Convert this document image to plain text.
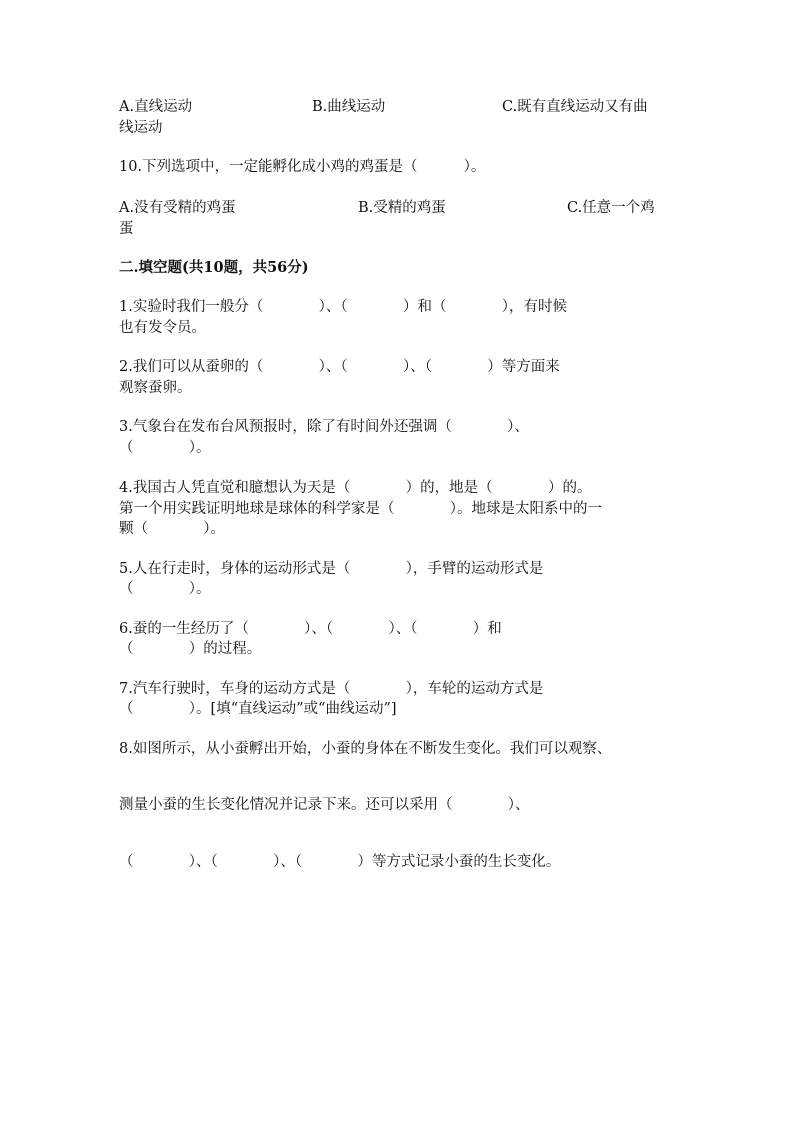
A.直线运动	B.曲线运动	C.既有直线运动又有曲
线运动
10.下列选项中，一定能孵化成小鸡的鸡蛋是（          ）。
A.没有受精的鸡蛋	B.受精的鸡蛋	C.任意一个鸡
蛋
二.填空题(共10题，共56分)
1.实验时我们一般分（            ）、（            ）和（            ），有时候
也有发令员。
2.我们可以从蚕卵的（            ）、（            ）、（            ）等方面来
观察蚕卵。
3.气象台在发布台风预报时，除了有时间外还强调（            ）、
（            ）。
4.我国古人凭直觉和臆想认为天是（            ）的，地是（            ）的。
第一个用实践证明地球是球体的科学家是（            ）。地球是太阳系中的一
颗（            ）。
5.人在行走时，身体的运动形式是（            ），手臂的运动形式是
（            ）。
6.蚕的一生经历了（            ）、（            ）、（            ）和
（            ）的过程。
7.汽车行驶时，车身的运动方式是（            ），车轮的运动方式是
（            ）。[填“直线运动”或“曲线运动”]
8.如图所示，从小蚕孵出开始，小蚕的身体在不断发生变化。我们可以观察、
测量小蚕的生长变化情况并记录下来。还可以采用（            ）、
（            ）、（            ）、（            ）等方式记录小蚕的生长变化。
